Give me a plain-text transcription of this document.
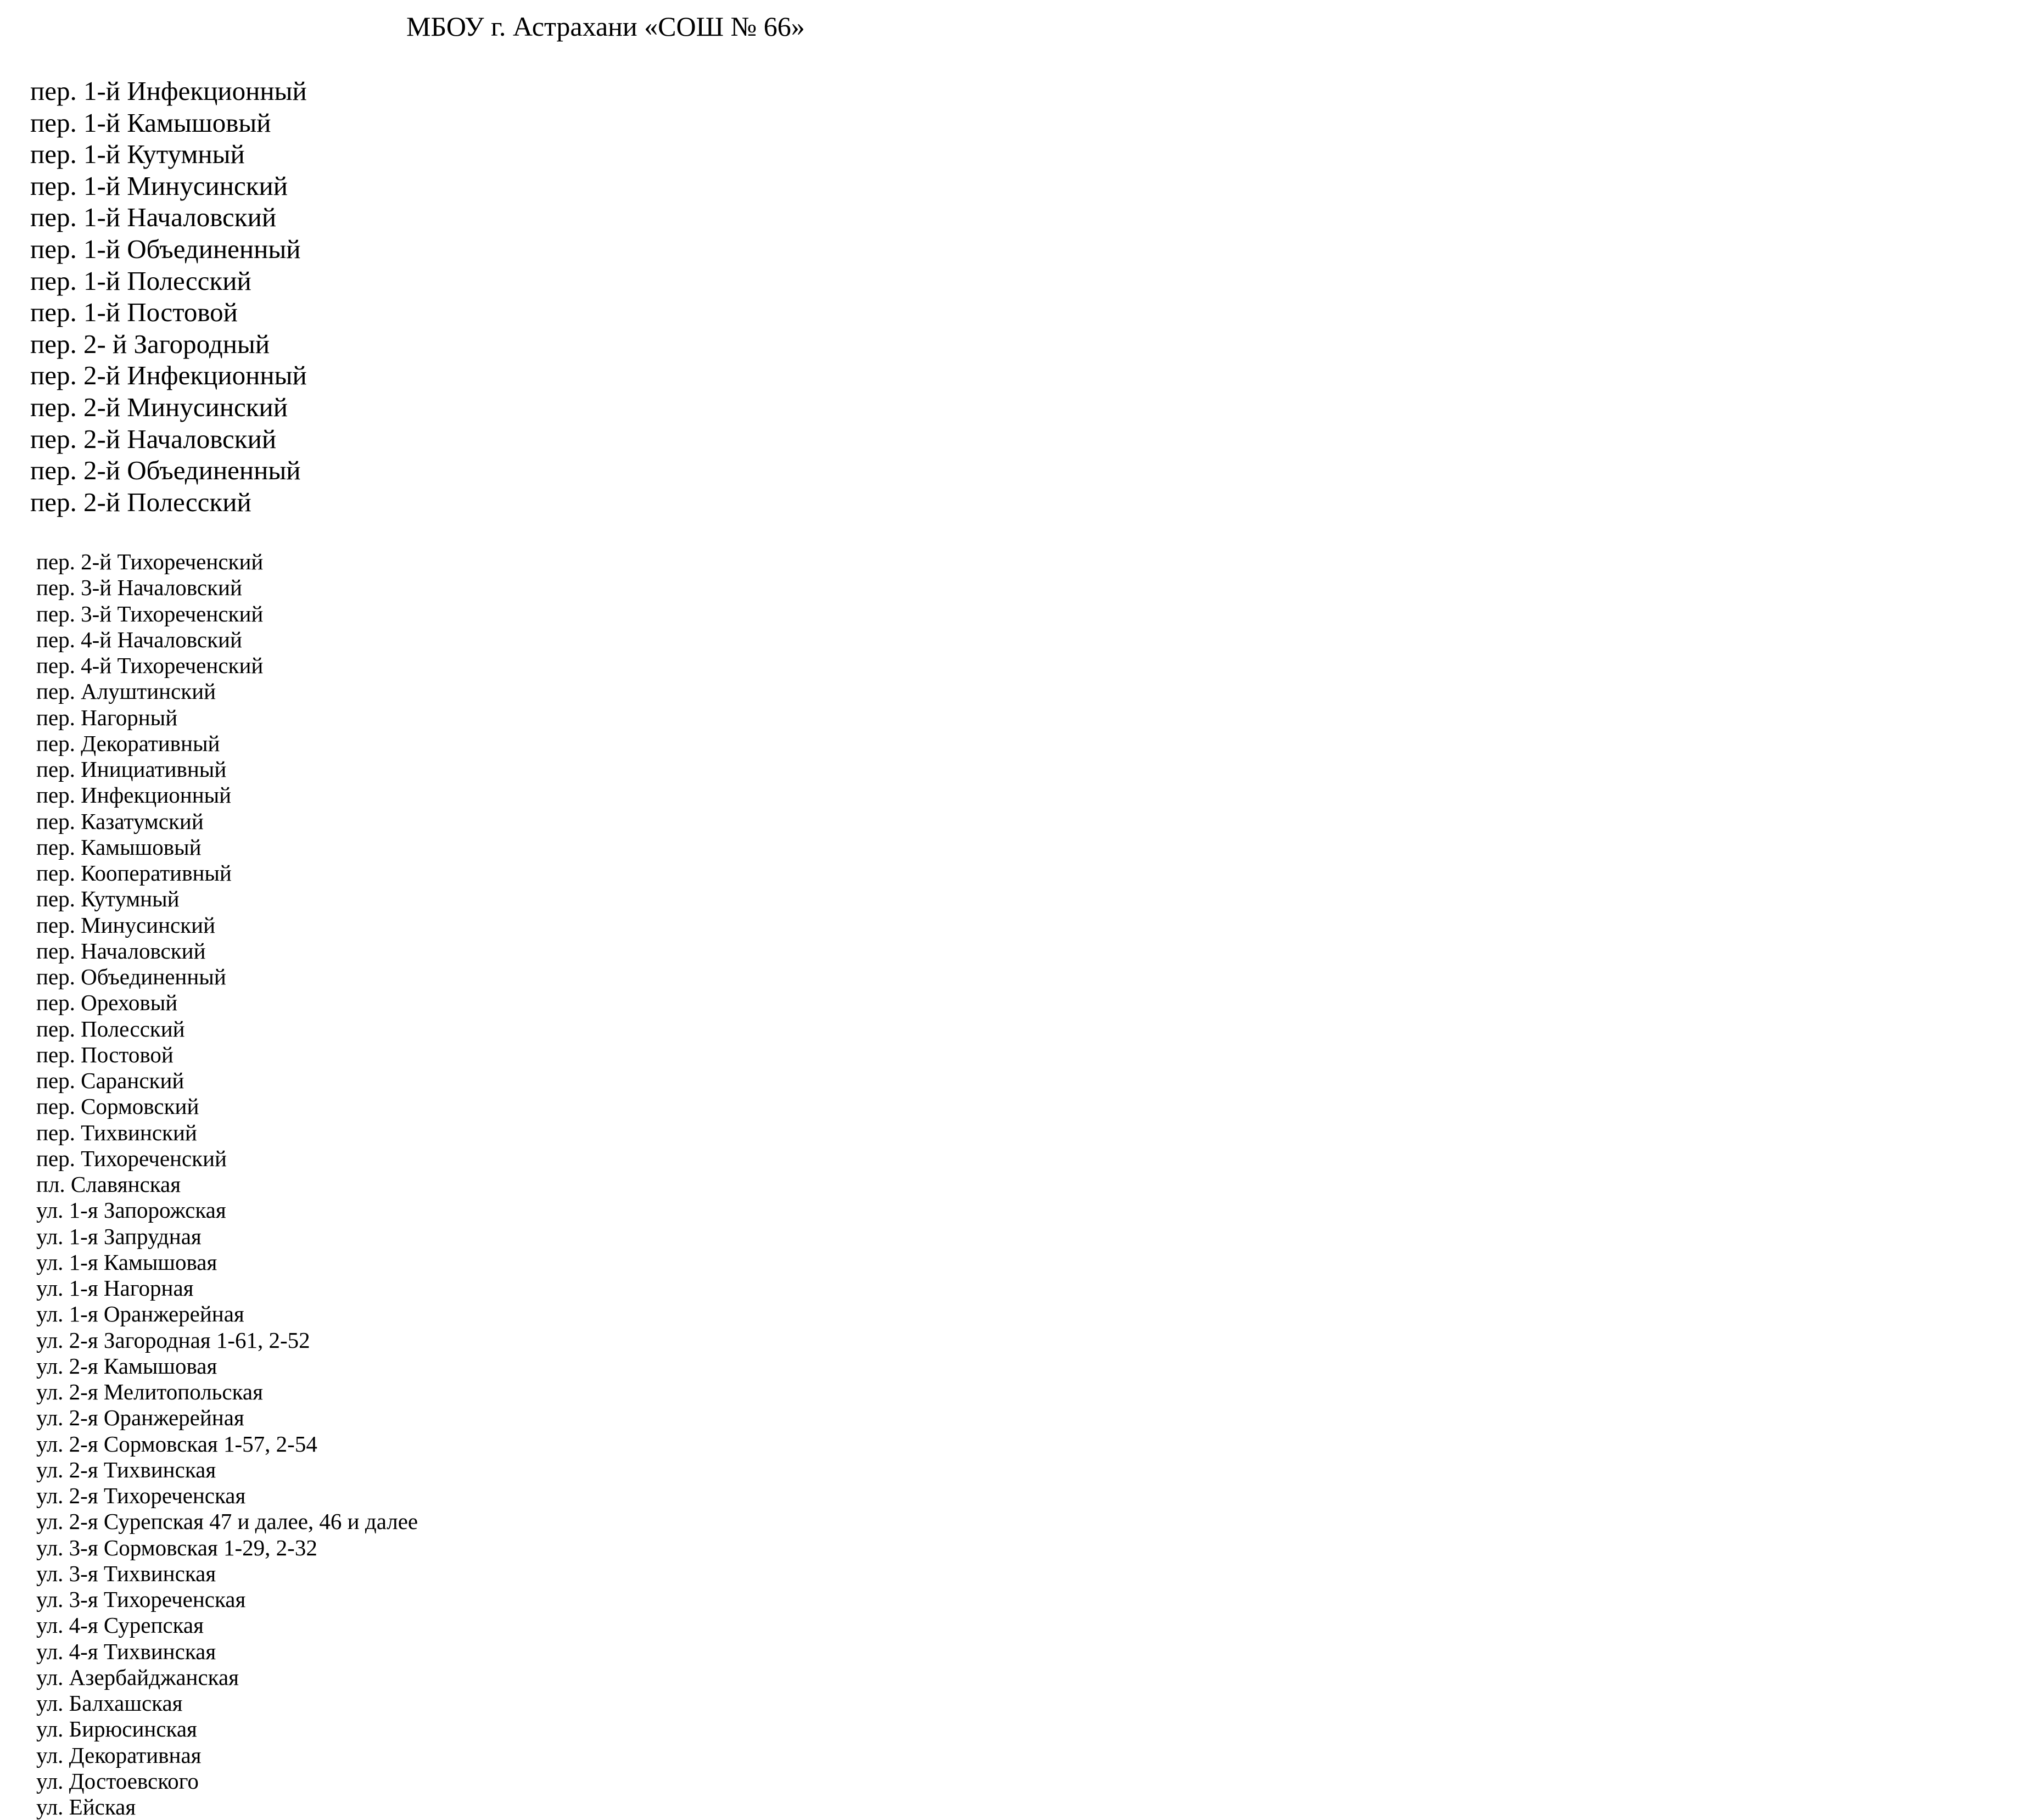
МБОУ г. Астрахани «СОШ № 66»
пер. 1-й Инфекционный
пер. 1-й Камышовый
пер. 1-й Кутумный
пер. 1-й Минусинский
пер. 1-й Началовский
пер. 1-й Объединенный
пер. 1-й Полесский
пер. 1-й Постовой
пер. 2- й Загородный
пер. 2-й Инфекционный
пер. 2-й Минусинский
пер. 2-й Началовский
пер. 2-й Объединенный
пер. 2-й Полесский
пер. 2-й Тихореченский
пер. 3-й Началовский
пер. 3-й Тихореченский
пер. 4-й Началовский
пер. 4-й Тихореченский
пер. Алуштинский
пер. Нагорный
пер. Декоративный
пер. Инициативный
пер. Инфекционный
пер. Казатумский
пер. Камышовый
пер. Кооперативный
пер. Кутумный
пер. Минусинский
пер. Началовский
пер. Объединенный
пер. Ореховый
пер. Полесский
пер. Постовой
пер. Саранский
пер. Сормовский
пер. Тихвинский
пер. Тихореченский
пл. Славянская
ул. 1-я Запорожская
ул. 1-я Запрудная
ул. 1-я Камышовая
ул. 1-я Нагорная
ул. 1-я Оранжерейная
ул. 2-я Загородная 1-61, 2-52
ул. 2-я Камышовая
ул. 2-я Мелитопольская
ул. 2-я Оранжерейная
ул. 2-я Сормовская 1-57, 2-54
ул. 2-я Тихвинская
ул. 2-я Тихореченская
ул. 2-я Сурепская 47 и далее, 46 и далее
ул. 3-я Сормовская 1-29, 2-32
ул. 3-я Тихвинская
ул. 3-я Тихореченская
ул. 4-я Сурепская
ул. 4-я Тихвинская
ул. Азербайджанская
ул. Балхашская
ул. Бирюсинская
ул. Декоративная
ул. Достоевского
ул. Ейская
